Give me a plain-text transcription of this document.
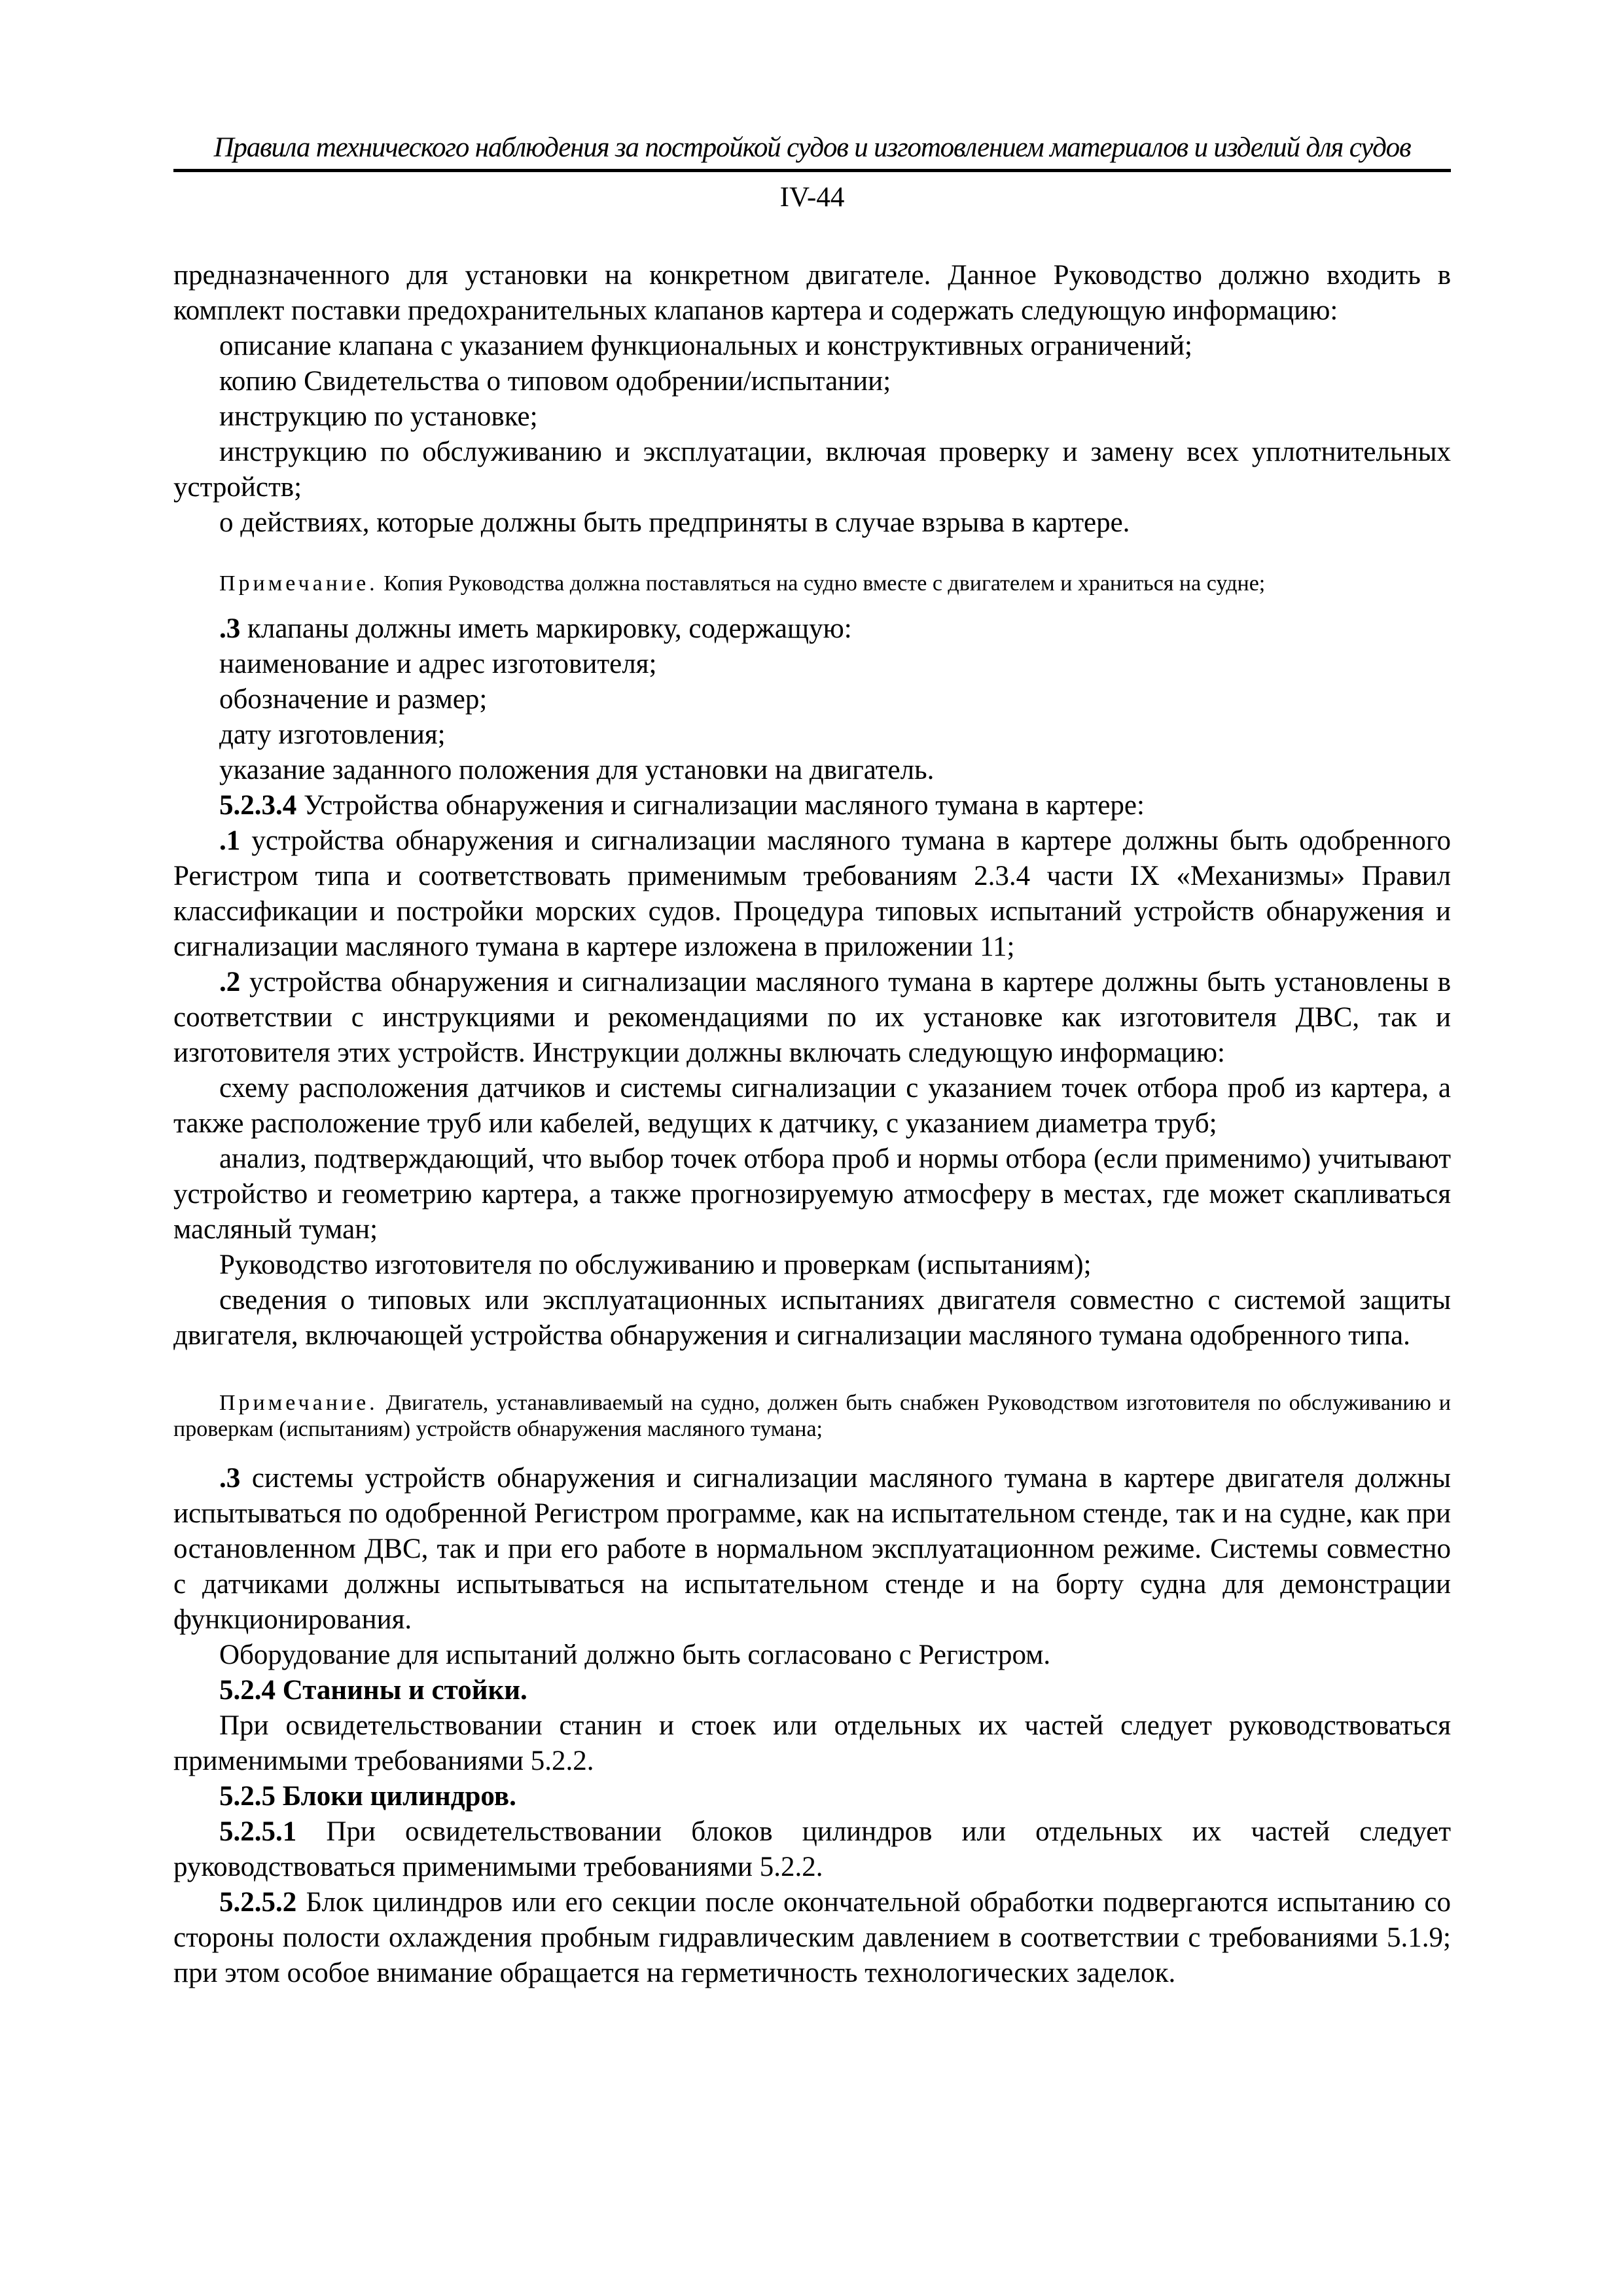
Правила технического наблюдения за постройкой судов и изготовлением материалов и изделий для судов
IV-44

предназначенного для установки на конкретном двигателе. Данное Руководство должно входить в комплект поставки предохранительных клапанов картера и содержать следующую информацию:

описание клапана с указанием функциональных и конструктивных ограничений;

копию Свидетельства о типовом одобрении/испытании;

инструкцию по установке;

инструкцию по обслуживанию и эксплуатации, включая проверку и замену всех уплотнительных устройств;

о действиях, которые должны быть предприняты в случае взрыва в картере.

Примечание. Копия Руководства должна поставляться на судно вместе с двигателем и храниться на судне;

.3 клапаны должны иметь маркировку, содержащую:

наименование и адрес изготовителя;

обозначение и размер;

дату изготовления;

указание заданного положения для установки на двигатель.

5.2.3.4 Устройства обнаружения и сигнализации масляного тумана в картере:

.1 устройства обнаружения и сигнализации масляного тумана в картере должны быть одобренного Регистром типа и соответствовать применимым требованиям 2.3.4 части IX «Механизмы» Правил классификации и постройки морских судов. Процедура типовых испытаний устройств обнаружения и сигнализации масляного тумана в картере изложена в приложении 11;

.2 устройства обнаружения и сигнализации масляного тумана в картере должны быть установлены в соответствии с инструкциями и рекомендациями по их установке как изготовителя ДВС, так и изготовителя этих устройств. Инструкции должны включать следующую информацию:

схему расположения датчиков и системы сигнализации с указанием точек отбора проб из картера, а также расположение труб или кабелей, ведущих к датчику, с указанием диаметра труб;

анализ, подтверждающий, что выбор точек отбора проб и нормы отбора (если применимо) учитывают устройство и геометрию картера, а также прогнозируемую атмосферу в местах, где может скапливаться масляный туман;

Руководство изготовителя по обслуживанию и проверкам (испытаниям);

сведения о типовых или эксплуатационных испытаниях двигателя совместно с системой защиты двигателя, включающей устройства обнаружения и сигнализации масляного тумана одобренного типа.

Примечание. Двигатель, устанавливаемый на судно, должен быть снабжен Руководством изготовителя по обслуживанию и проверкам (испытаниям) устройств обнаружения масляного тумана;

.3 системы устройств обнаружения и сигнализации масляного тумана в картере двигателя должны испытываться по одобренной Регистром программе, как на испытательном стенде, так и на судне, как при остановленном ДВС, так и при его работе в нормальном эксплуатационном режиме. Системы совместно с датчиками должны испытываться на испытательном стенде и на борту судна для демонстрации функционирования.

Оборудование для испытаний должно быть согласовано с Регистром.

5.2.4 Станины и стойки.

При освидетельствовании станин и стоек или отдельных их частей следует руководствоваться применимыми требованиями 5.2.2.

5.2.5 Блоки цилиндров.

5.2.5.1 При освидетельствовании блоков цилиндров или отдельных их частей следует руководствоваться применимыми требованиями 5.2.2.

5.2.5.2 Блок цилиндров или его секции после окончательной обработки подвергаются испытанию со стороны полости охлаждения пробным гидравлическим давлением в соответствии с требованиями 5.1.9; при этом особое внимание обращается на герметичность технологических заделок.
